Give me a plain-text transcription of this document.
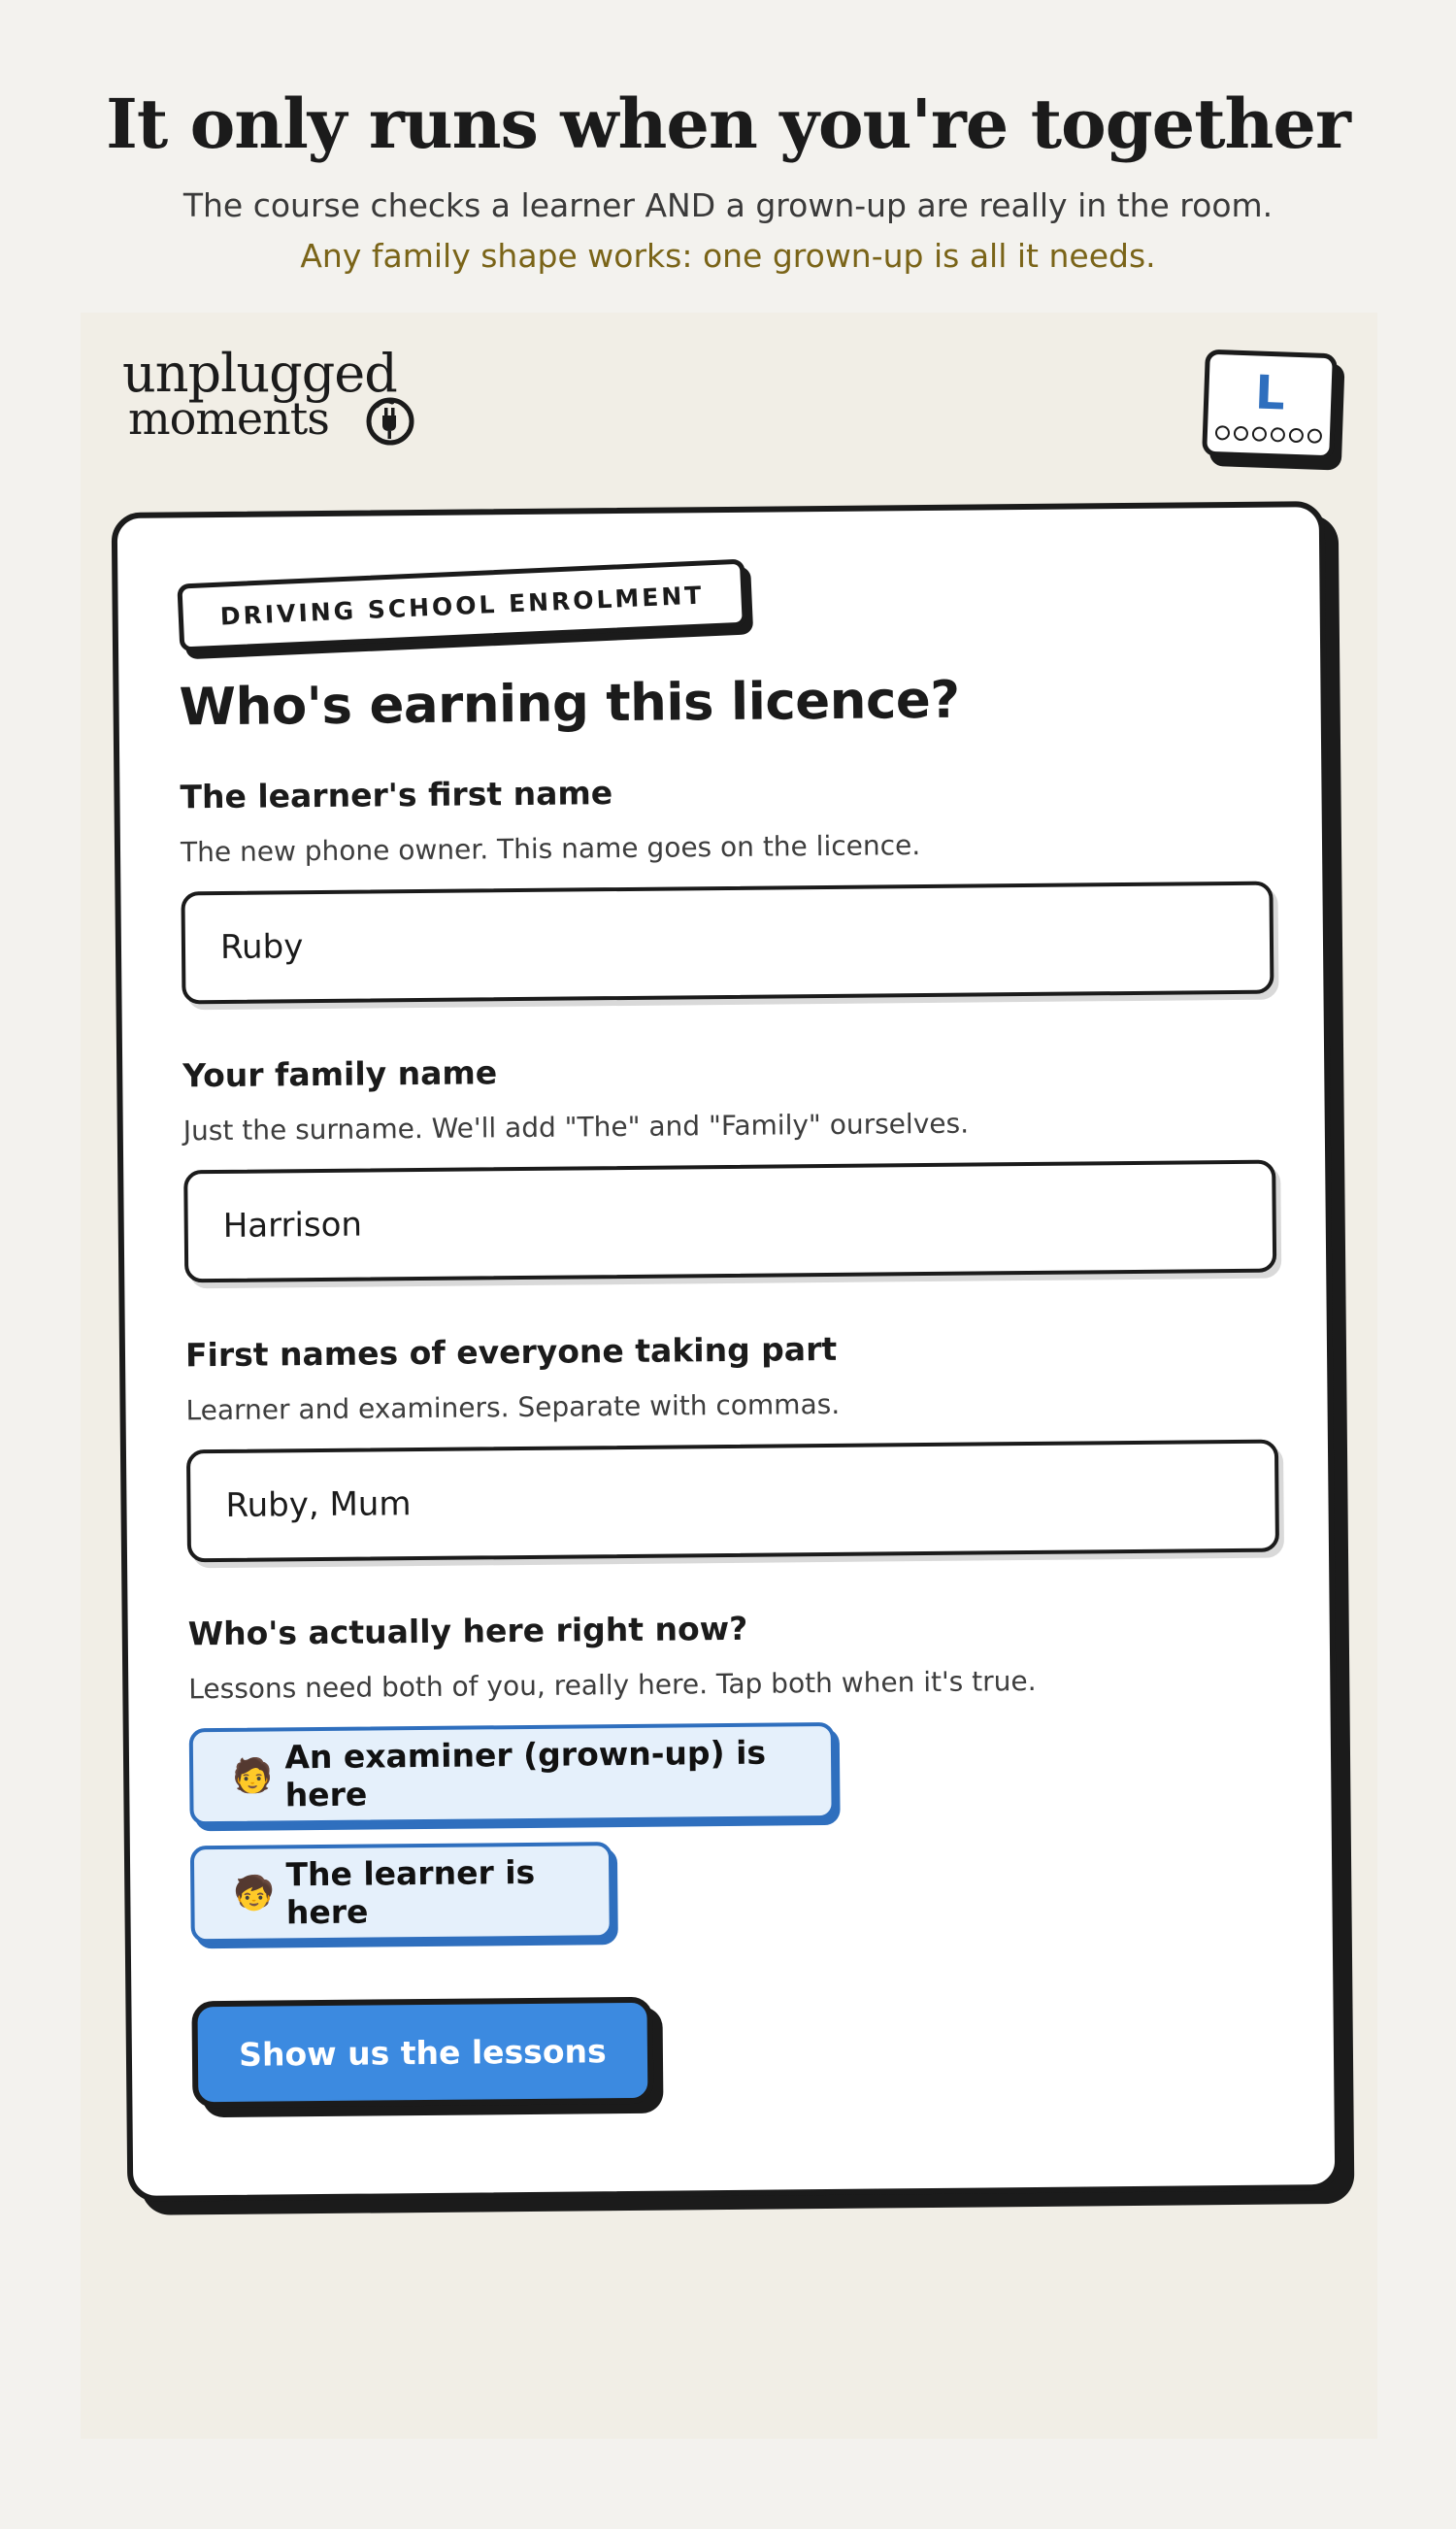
It only runs when you're together

The course checks a learner AND a grown-up are really in the room.

Any family shape works: one grown-up is all it needs.

unplugged
moments	L
DRIVING SCHOOL ENROLMENT
Who's earning this licence?
The learner's first name
The new phone owner. This name goes on the licence.
Ruby
Your family name
Just the surname. We'll add "The" and "Family" ourselves.
Harrison
First names of everyone taking part
Learner and examiners. Separate with commas.
Ruby, Mum
Who's actually here right now?
Lessons need both of you, really here. Tap both when it's true.
🧑
An examiner (grown-up) is here
🧒
The learner is here
Show us the lessons
